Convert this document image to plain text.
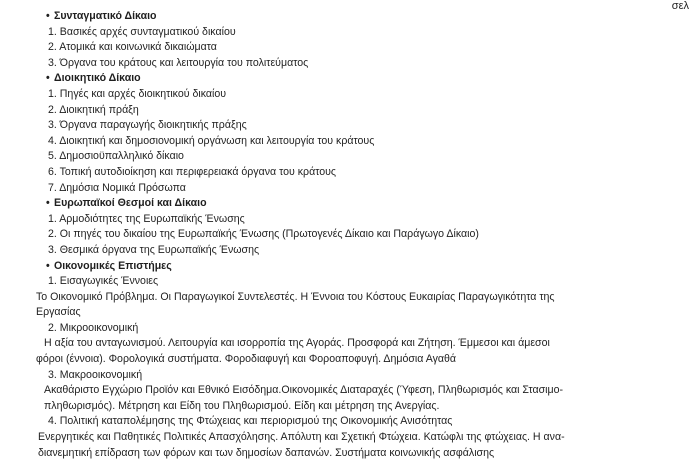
σελ
• Συνταγματικό Δίκαιο
1. Βασικές αρχές συνταγματικού δικαίου
2. Ατομικά και κοινωνικά δικαιώματα
3. Όργανα του κράτους και λειτουργία του πολιτεύματος
• Διοικητικό Δίκαιο
1. Πηγές και αρχές διοικητικού δικαίου
2. Διοικητική πράξη
3. Όργανα παραγωγής διοικητικής πράξης
4. Διοικητική και δημοσιονομική οργάνωση και λειτουργία του κράτους
5. Δημοσιοϋπαλληλικό δίκαιο
6. Τοπική αυτοδιοίκηση και περιφερειακά όργανα του κράτους
7. Δημόσια Νομικά Πρόσωπα
• Ευρωπαϊκοί Θεσμοί και Δίκαιο
1. Αρμοδιότητες της Ευρωπαϊκής Ένωσης
2. Οι πηγές του δικαίου της Ευρωπαϊκής Ένωσης (Πρωτογενές Δίκαιο και Παράγωγο Δίκαιο)
3. Θεσμικά όργανα της Ευρωπαϊκής Ένωσης
• Οικονομικές Επιστήμες
1. Εισαγωγικές Έννοιες
Το Οικονομικό Πρόβλημα. Οι Παραγωγικοί Συντελεστές. Η Έννοια του Κόστους Ευκαιρίας Παραγωγικότητα της
Εργασίας
2. Μικροοικονομική
Η αξία του ανταγωνισμού. Λειτουργία και ισορροπία της Αγοράς. Προσφορά και Ζήτηση. Έμμεσοι και άμεσοι
φόροι (έννοια). Φορολογικά συστήματα. Φοροδιαφυγή και Φοροαποφυγή. Δημόσια Αγαθά
3. Μακροοικονομική
Ακαθάριστο Εγχώριο Προϊόν και Εθνικό Εισόδημα.Οικονομικές Διαταραχές (Ύφεση, Πληθωρισμός και Στασιμο-
πληθωρισμός). Μέτρηση και Είδη του Πληθωρισμού. Είδη και μέτρηση της Ανεργίας.
4. Πολιτική καταπολέμησης της Φτώχειας και περιορισμού της Οικονομικής Ανισότητας
Ενεργητικές και Παθητικές Πολιτικές Απασχόλησης. Απόλυτη και Σχετική Φτώχεια. Κατώφλι της φτώχειας. Η ανα-
διανεμητική επίδραση των φόρων και των δημοσίων δαπανών. Συστήματα κοινωνικής ασφάλισης
